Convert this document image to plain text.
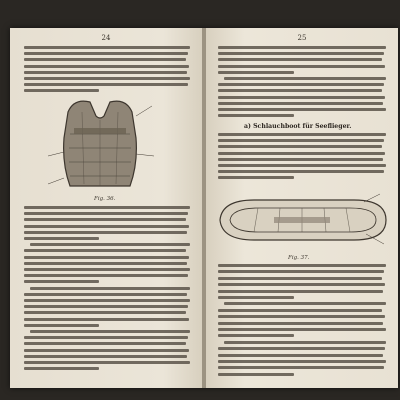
24
Fig. 36.
25
a) Schlauchboot für Seeflieger.
Fig. 37.
